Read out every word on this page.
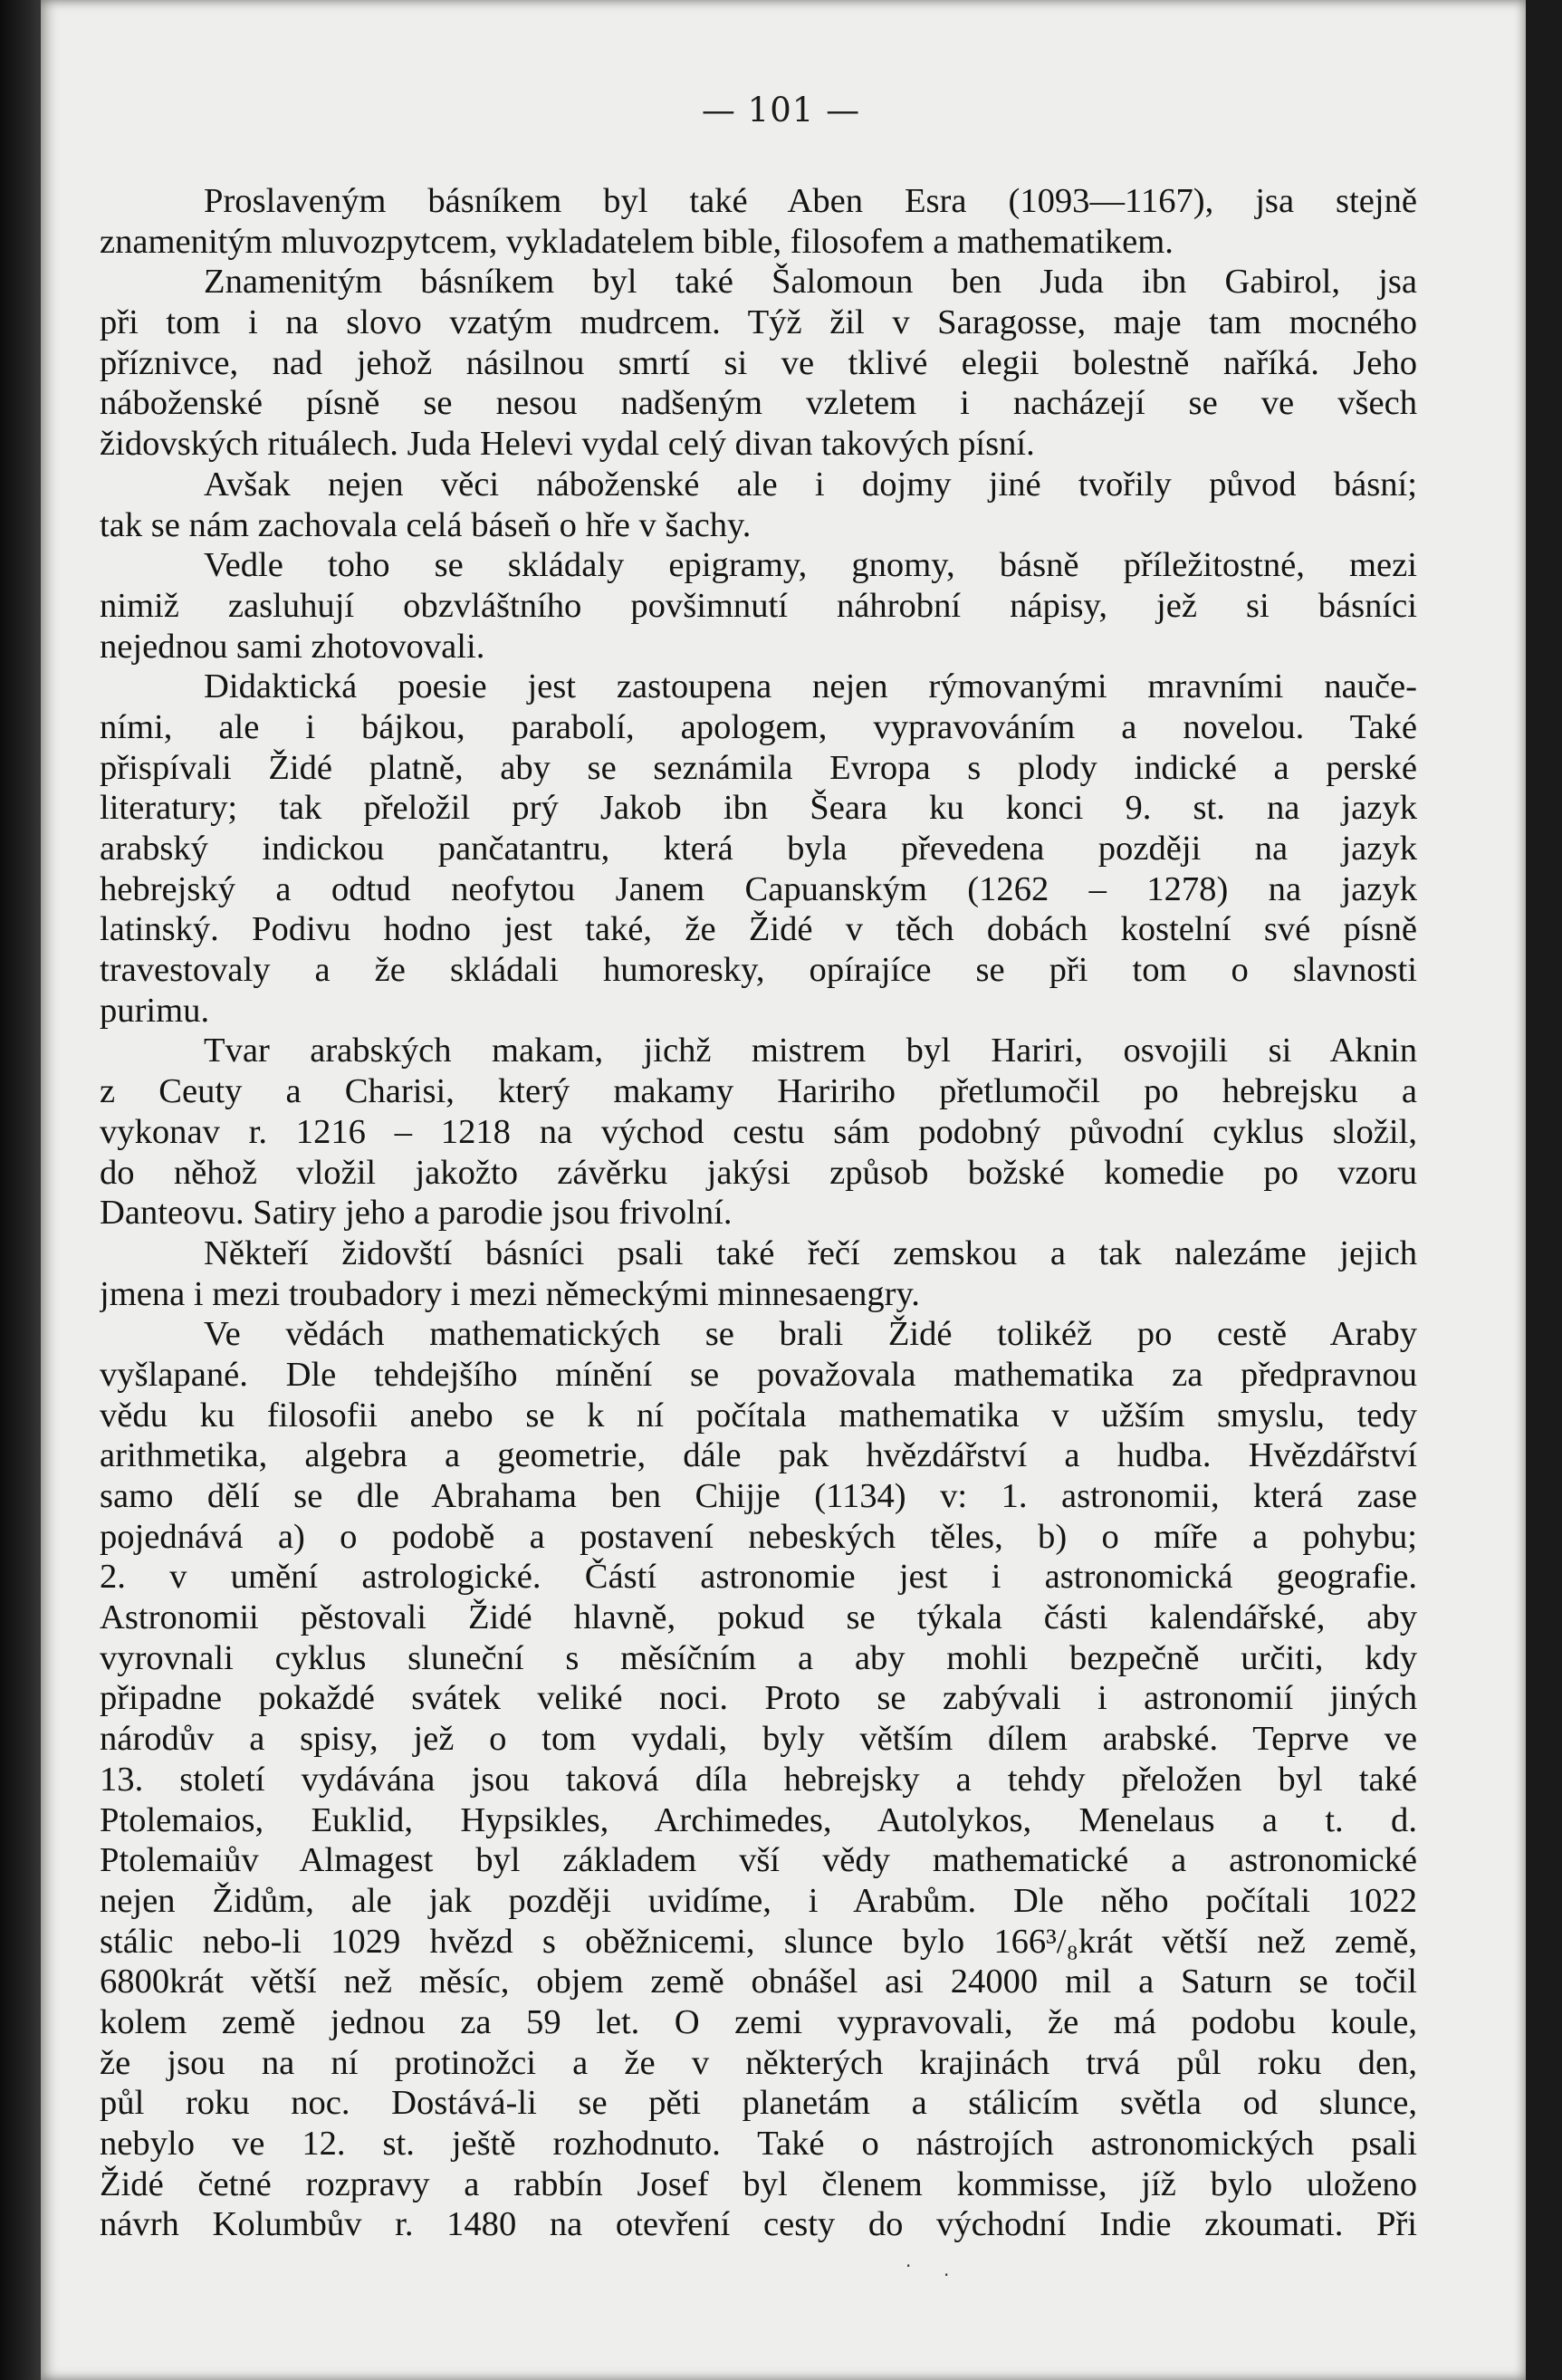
— 101 —
Proslaveným básníkem byl také Aben Esra (1093—1167), jsa stejně
znamenitým mluvozpytcem, vykladatelem bible, filosofem a mathematikem.
Znamenitým básníkem byl také Šalomoun ben Juda ibn Gabirol, jsa
při tom i na slovo vzatým mudrcem. Týž žil v Saragosse, maje tam mocného
příznivce, nad jehož násilnou smrtí si ve tklivé elegii bolestně naříká. Jeho
náboženské písně se nesou nadšeným vzletem i nacházejí se ve všech
židovských rituálech. Juda Helevi vydal celý divan takových písní.
Avšak nejen věci náboženské ale i dojmy jiné tvořily původ básní;
tak se nám zachovala celá báseň o hře v šachy.
Vedle toho se skládaly epigramy, gnomy, básně příležitostné, mezi
nimiž zasluhují obzvláštního povšimnutí náhrobní nápisy, jež si básníci
nejednou sami zhotovovali.
Didaktická poesie jest zastoupena nejen rýmovanými mravními naučе-
ními, ale i bájkou, parabolí, apologem, vypravováním a novelou. Také
přispívali Židé platně, aby se seznámila Evropa s plody indické a perské
literatury; tak přeložil prý Jakob ibn Šeara ku konci 9. st. na jazyk
arabský indickou pančatantru, která byla převedena později na jazyk
hebrejský a odtud neofytou Janem Capuanským (1262 – 1278) na jazyk
latinský. Podivu hodno jest také, že Židé v těch dobách kostelní své písně
travestovaly a že skládali humoresky, opírajíce se při tom o slavnosti
purimu.
Tvar arabských makam, jichž mistrem byl Hariri, osvojili si Aknin
z Ceuty a Charisi, který makamy Haririho přetlumočil po hebrejsku a
vykonav r. 1216 – 1218 na východ cestu sám podobný původní cyklus složil,
do něhož vložil jakožto závěrku jakýsi způsob božské komedie po vzoru
Danteovu. Satiry jeho a parodie jsou frivolní.
Někteří židovští básníci psali také řečí zemskou a tak nalezáme jejich
jmena i mezi troubadory i mezi německými minnesaengry.
Ve vědách mathematických se brali Židé tolikéž po cestě Araby
vyšlapané. Dle tehdejšího mínění se považovala mathematika za předpravnou
vědu ku filosofii anebo se k ní počítala mathematika v užším smyslu, tedy
arithmetika, algebra a geometrie, dále pak hvězdářství a hudba. Hvězdářství
samo dělí se dle Abrahama ben Chijje (1134) v: 1. astronomii, která zase
pojednává a) o podobě a postavení nebeských těles, b) o míře a pohybu;
2. v umění astrologické. Částí astronomie jest i astronomická geografie.
Astronomii pěstovali Židé hlavně, pokud se týkala části kalendářské, aby
vyrovnali cyklus sluneční s měsíčním a aby mohli bezpečně určiti, kdy
připadne pokaždé svátek veliké noci. Proto se zabývali i astronomií jiných
národův a spisy, jež o tom vydali, byly větším dílem arabské. Teprve ve
13. století vydávána jsou taková díla hebrejsky a tehdy přeložen byl také
Ptolemaios, Euklid, Hypsikles, Archimedes, Autolykos, Menelaus a t. d.
Ptolemaiův Almagest byl základem vší vědy mathematické a astronomické
nejen Židům, ale jak později uvidíme, i Arabům. Dle něho počítali 1022
stálic nebo-li 1029 hvězd s oběžnicemi, slunce bylo 166³/₈krát větší než země,
6800krát větší než měsíc, objem země obnášel asi 24000 mil a Saturn se točil
kolem země jednou za 59 let. O zemi vypravovali, že má podobu koule,
že jsou na ní protinožci a že v některých krajinách trvá půl roku den,
půl roku noc. Dostává-li se pěti planetám a stálicím světla od slunce,
nebylo ve 12. st. ještě rozhodnuto. Také o nástrojích astronomických psali
Židé četné rozpravy a rabbín Josef byl členem kommisse, jíž bylo uloženo
návrh Kolumbův r. 1480 na otevření cesty do východní Indie zkoumati. Při
· ·
